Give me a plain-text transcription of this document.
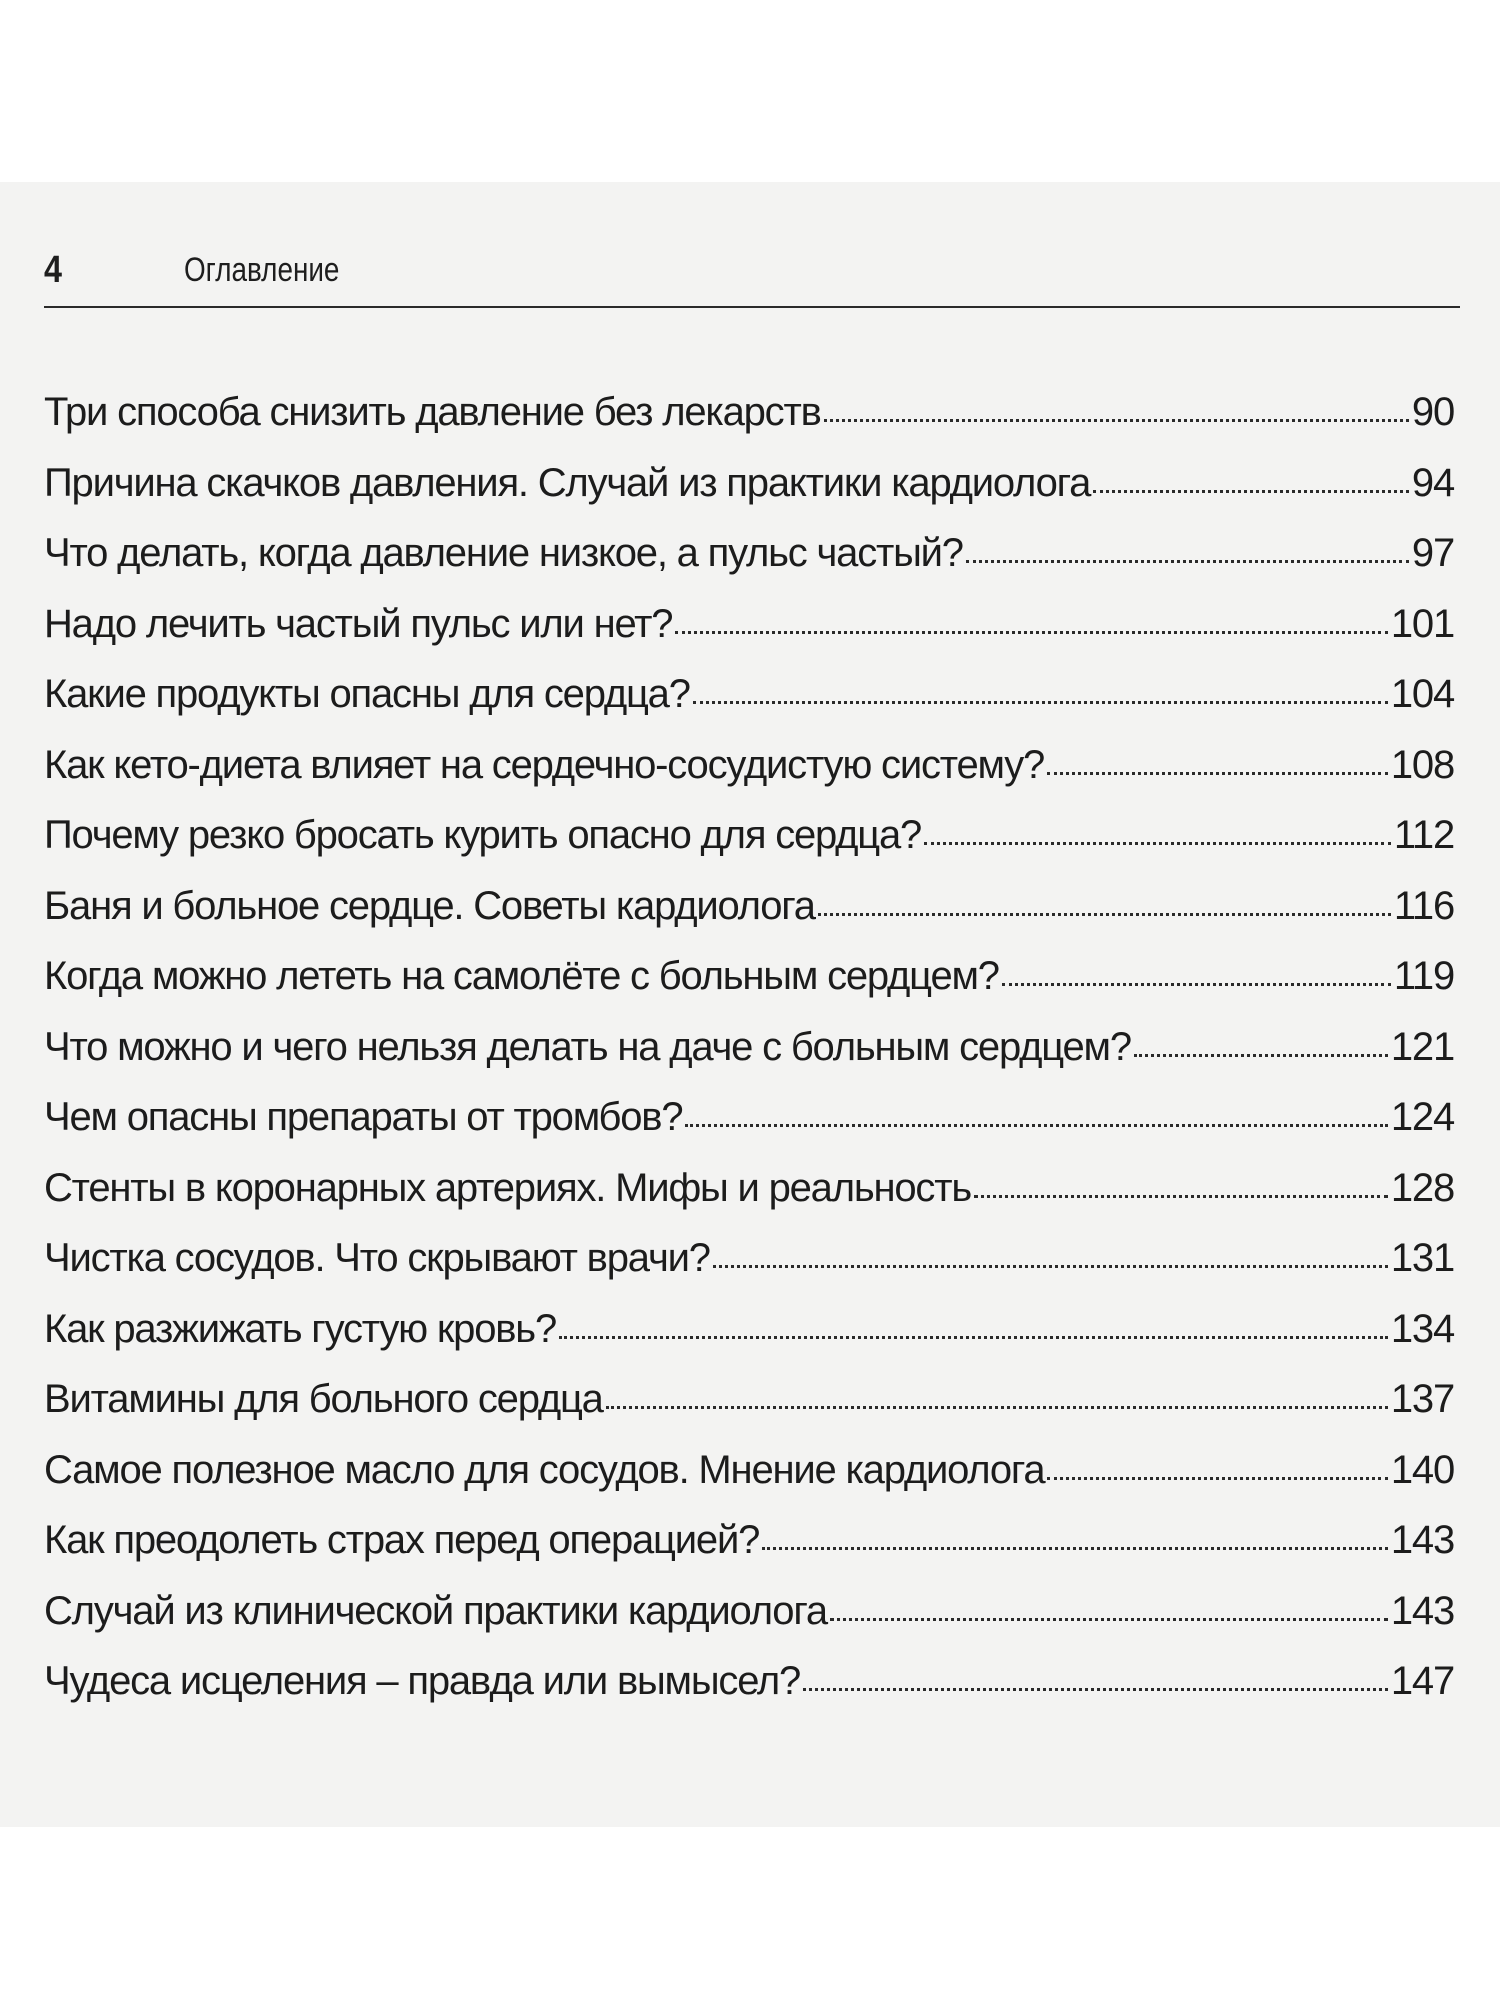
4	Оглавление
Три способа снизить давление без лекарств	90
Причина скачков давления. Случай из практики кардиолога	94
Что делать, когда давление низкое, а пульс частый?	97
Надо лечить частый пульс или нет?	101
Какие продукты опасны для сердца?	104
Как кето-диета влияет на сердечно-сосудистую систему?	108
Почему резко бросать курить опасно для сердца?	112
Баня и больное сердце. Советы кардиолога	116
Когда можно лететь на самолёте с больным сердцем?	119
Что можно и чего нельзя делать на даче с больным сердцем?	121
Чем опасны препараты от тромбов?	124
Стенты в коронарных артериях. Мифы и реальность	128
Чистка сосудов. Что скрывают врачи?	131
Как разжижать густую кровь?	134
Витамины для больного сердца	137
Самое полезное масло для сосудов. Мнение кардиолога	140
Как преодолеть страх перед операцией?	143
Случай из клинической практики кардиолога	143
Чудеса исцеления – правда или вымысел?	147
